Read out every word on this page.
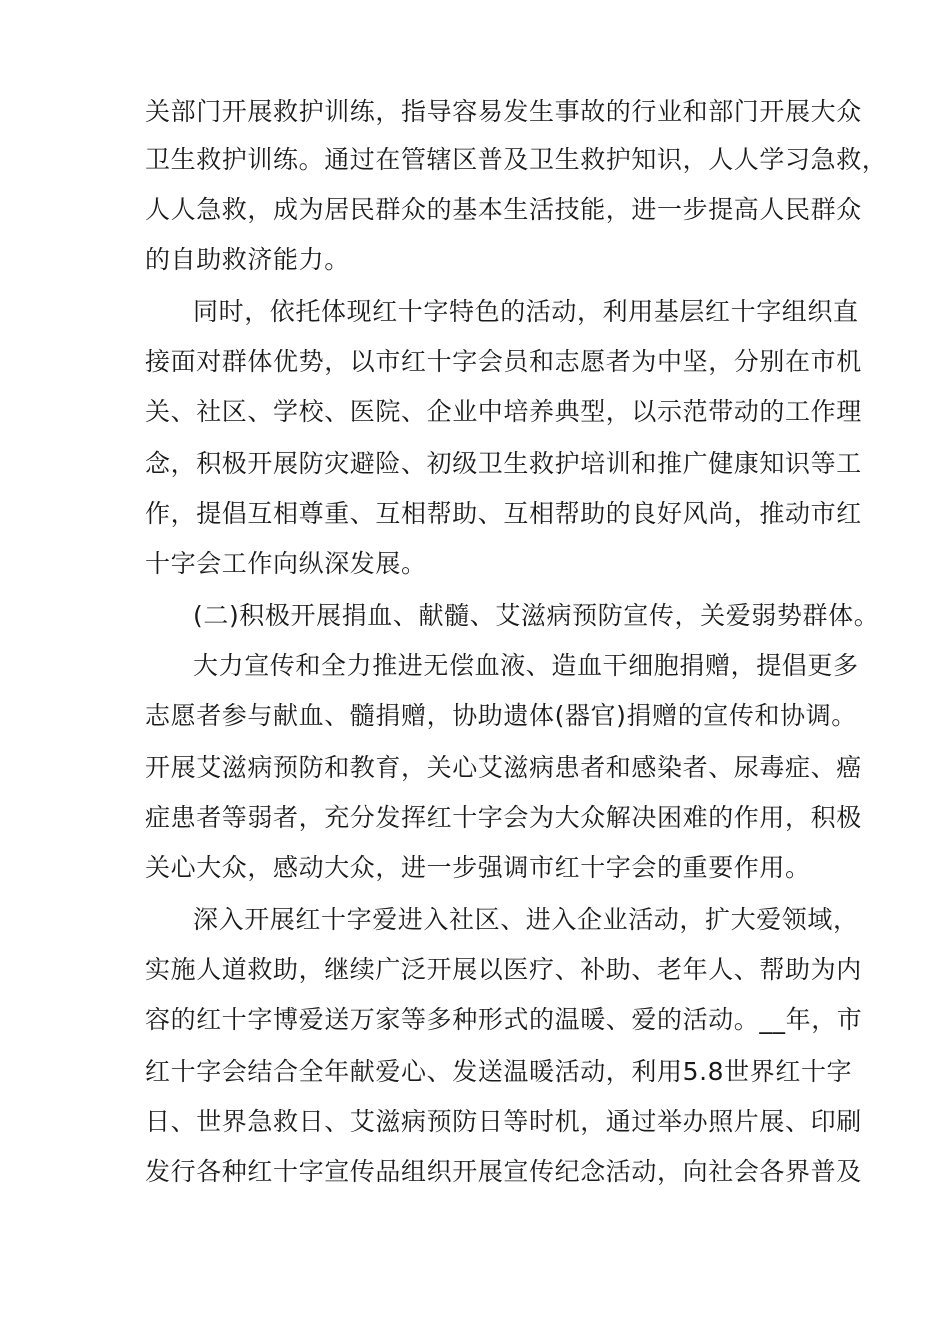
关部门开展救护训练，指导容易发生事故的行业和部门开展大众
卫生救护训练。通过在管辖区普及卫生救护知识，人人学习急救，
人人急救，成为居民群众的基本生活技能，进一步提高人民群众
的自助救济能力。
同时，依托体现红十字特色的活动，利用基层红十字组织直
接面对群体优势，以市红十字会员和志愿者为中坚，分别在市机
关、社区、学校、医院、企业中培养典型，以示范带动的工作理
念，积极开展防灾避险、初级卫生救护培训和推广健康知识等工
作，提倡互相尊重、互相帮助、互相帮助的良好风尚，推动市红
十字会工作向纵深发展。
(二)积极开展捐血、献髓、艾滋病预防宣传，关爱弱势群体。
大力宣传和全力推进无偿血液、造血干细胞捐赠，提倡更多
志愿者参与献血、髓捐赠，协助遗体(器官)捐赠的宣传和协调。
开展艾滋病预防和教育，关心艾滋病患者和感染者、尿毒症、癌
症患者等弱者，充分发挥红十字会为大众解决困难的作用，积极
关心大众，感动大众，进一步强调市红十字会的重要作用。
深入开展红十字爱进入社区、进入企业活动，扩大爱领域，
实施人道救助，继续广泛开展以医疗、补助、老年人、帮助为内
容的红十字博爱送万家等多种形式的温暖、爱的活动。__年，市
红十字会结合全年献爱心、发送温暖活动，利用5.8世界红十字
日、世界急救日、艾滋病预防日等时机，通过举办照片展、印刷
发行各种红十字宣传品组织开展宣传纪念活动，向社会各界普及
